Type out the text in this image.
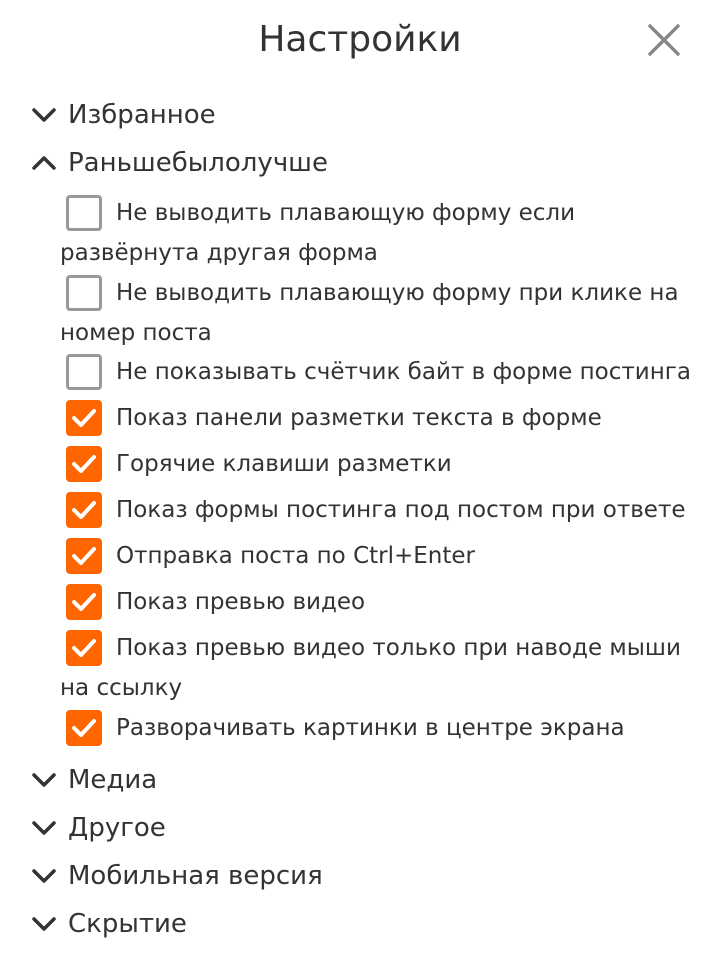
Настройки
Избранное
Раньшебылолучше
Не выводить плавающую форму если развёрнута другая форма
Не выводить плавающую форму при клике на номер поста
Не показывать счётчик байт в форме постинга
Показ панели разметки текста в форме
Горячие клавиши разметки
Показ формы постинга под постом при ответе
Отправка поста по Ctrl+Enter
Показ превью видео
Показ превью видео только при наводе мыши на ссылку
Разворачивать картинки в центре экрана
Медиа
Другое
Мобильная версия
Скрытие
